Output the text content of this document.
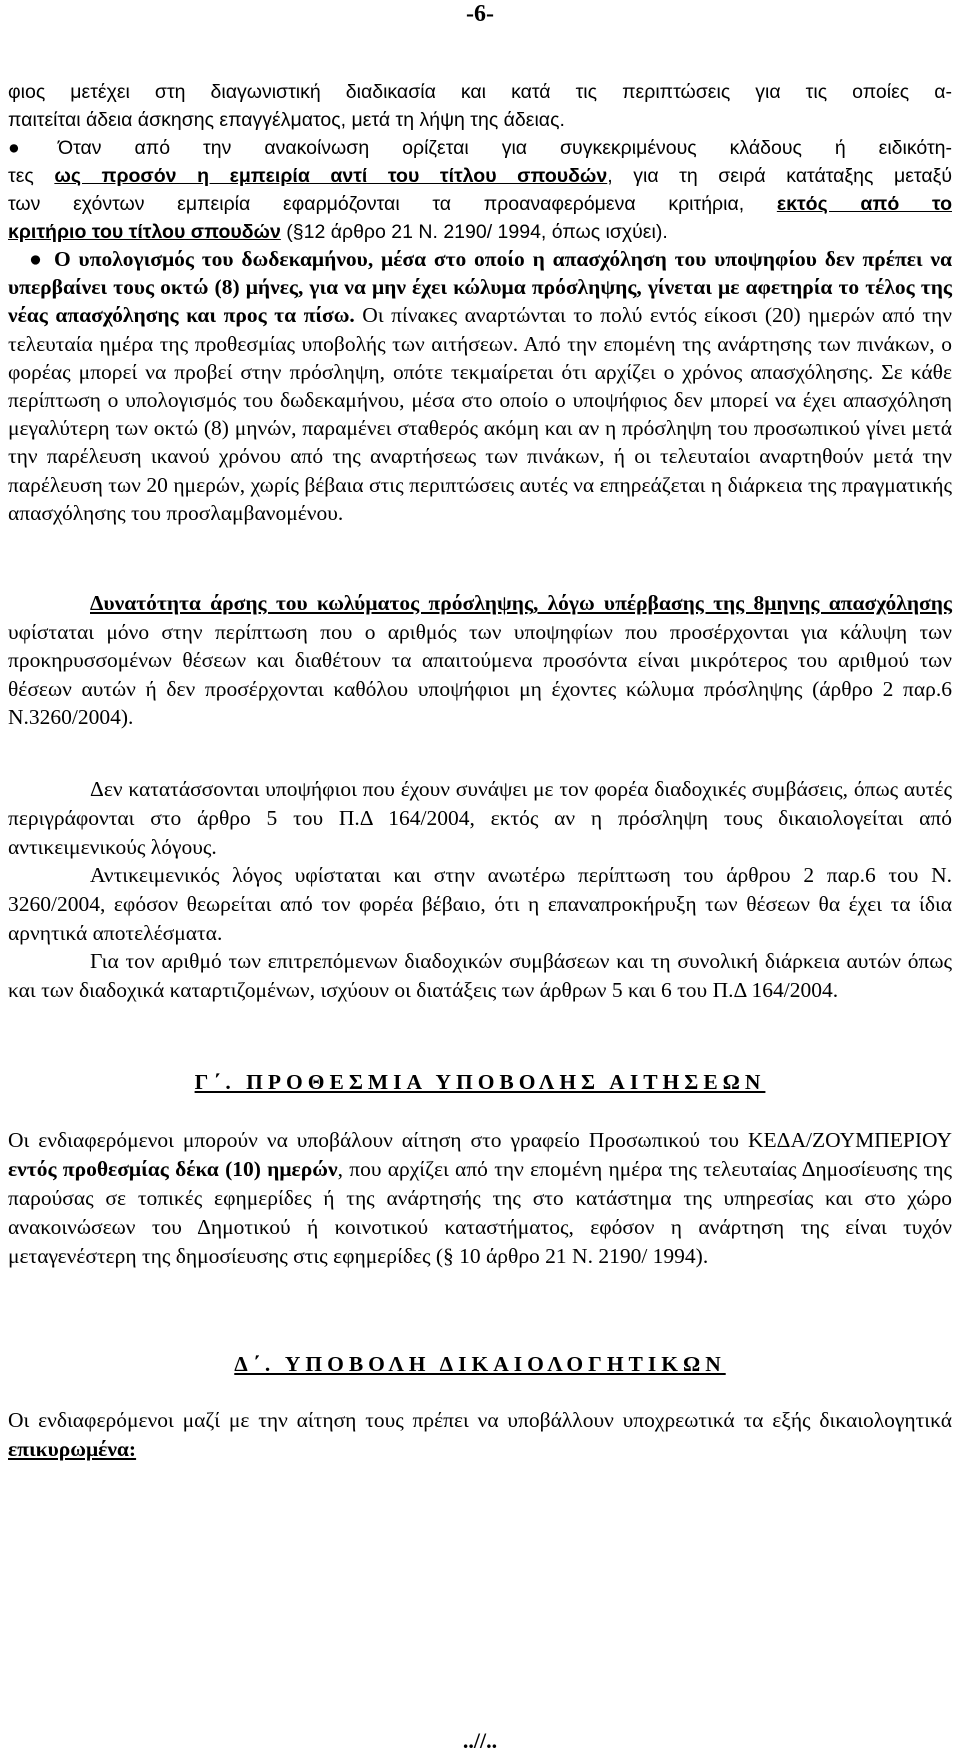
-6-
φιος μετέχει στη διαγωνιστική διαδικασία και κατά τις περιπτώσεις για τις οποίες α-
παιτείται άδεια άσκησης επαγγέλματος, μετά τη λήψη της άδειας.
● Όταν από την ανακοίνωση ορίζεται για συγκεκριμένους κλάδους ή ειδικότη-
τες ως προσόν η εμπειρία αντί του τίτλου σπουδών, για τη σειρά κατάταξης μεταξύ
των εχόντων εμπειρία εφαρμόζονται τα προαναφερόμενα κριτήρια, εκτός από το
κριτήριο του τίτλου σπουδών (§12 άρθρο 21 Ν. 2190/ 1994, όπως ισχύει).
● Ο υπολογισμός του δωδεκαμήνου, μέσα στο οποίο η απασχόληση του υποψηφίου δεν πρέπει να υπερβαίνει τους οκτώ (8) μήνες, για να μην έχει κώλυμα πρόσληψης, γίνεται με αφετηρία το τέλος της νέας απασχόλησης και προς τα πίσω. Οι πίνακες αναρτώνται το πολύ εντός είκοσι (20) ημερών από την τελευταία ημέρα της προθεσμίας υποβολής των αιτήσεων. Από την επομένη της ανάρτησης των πινάκων, ο φορέας μπορεί να προβεί στην πρόσληψη, οπότε τεκμαίρεται ότι αρχίζει ο χρόνος απασχόλησης. Σε κάθε περίπτωση ο υπολογισμός του δωδεκαμήνου, μέσα στο οποίο ο υποψήφιος δεν μπορεί να έχει απασχόληση μεγαλύτερη των οκτώ (8) μηνών, παραμένει σταθερός ακόμη και αν η πρόσληψη του προσωπικού γίνει μετά την παρέλευση ικανού χρόνου από της αναρτήσεως των πινάκων, ή οι τελευταίοι αναρτηθούν μετά την παρέλευση των 20 ημερών, χωρίς βέβαια στις περιπτώσεις αυτές να επηρεάζεται η διάρκεια της πραγματικής απασχόλησης του προσλαμβανομένου.
Δυνατότητα άρσης του κωλύματος πρόσληψης, λόγω υπέρβασης της 8μηνης απασχόλησης υφίσταται μόνο στην περίπτωση που ο αριθμός των υποψηφίων που προσέρχονται για κάλυψη των προκηρυσσομένων θέσεων και διαθέτουν τα απαιτούμενα προσόντα είναι μικρότερος του αριθμού των θέσεων αυτών ή δεν προσέρχονται καθόλου υποψήφιοι μη έχοντες κώλυμα πρόσληψης (άρθρο 2 παρ.6 Ν.3260/2004).
Δεν κατατάσσονται υποψήφιοι που έχουν συνάψει με τον φορέα διαδοχικές συμβάσεις, όπως αυτές περιγράφονται στο άρθρο 5 του Π.Δ 164/2004, εκτός αν η πρόσληψη τους δικαιολογείται από αντικειμενικούς λόγους.
Αντικειμενικός λόγος υφίσταται και στην ανωτέρω περίπτωση του άρθρου 2 παρ.6 του Ν. 3260/2004, εφόσον θεωρείται από τον φορέα βέβαιο, ότι η επαναπροκήρυξη των θέσεων θα έχει τα ίδια αρνητικά αποτελέσματα.
Για τον αριθμό των επιτρεπόμενων διαδοχικών συμβάσεων και τη συνολική διάρκεια αυτών όπως και των διαδοχικά καταρτιζομένων, ισχύουν οι διατάξεις των άρθρων 5 και 6 του Π.Δ 164/2004.
Γ΄. ΠΡΟΘΕΣΜΙΑ ΥΠΟΒΟΛΗΣ ΑΙΤΗΣΕΩΝ
Οι ενδιαφερόμενοι μπορούν να υποβάλουν αίτηση στο γραφείο Προσωπικού του ΚΕΔΑ/ΖΟΥΜΠΕΡΙΟΥ εντός προθεσμίας δέκα (10) ημερών, που αρχίζει από την επομένη ημέρα της τελευταίας Δημοσίευσης της παρούσας σε τοπικές εφημερίδες ή της ανάρτησής της στο κατάστημα της υπηρεσίας και στο χώρο ανακοινώσεων του Δημοτικού ή κοινοτικού καταστήματος, εφόσον η ανάρτηση της είναι τυχόν μεταγενέστερη της δημοσίευσης στις εφημερίδες (§ 10 άρθρο 21 Ν. 2190/ 1994).
Δ΄. ΥΠΟΒΟΛΗ ΔΙΚΑΙΟΛΟΓΗΤΙΚΩΝ
Οι ενδιαφερόμενοι μαζί με την αίτηση τους πρέπει να υποβάλλουν υποχρεωτικά τα εξής δικαιολογητικά επικυρωμένα:
..//..
